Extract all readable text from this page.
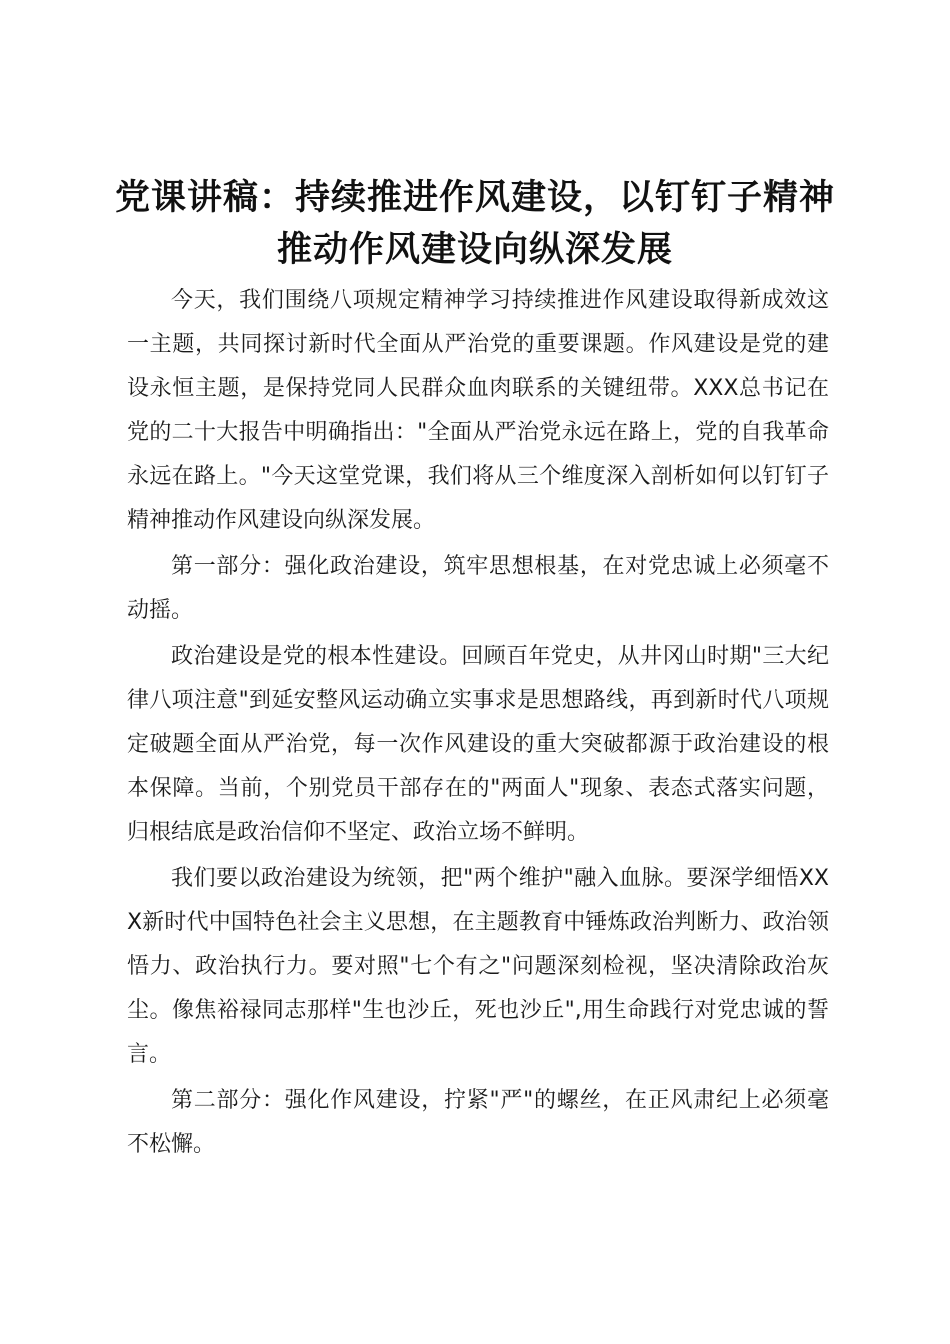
党课讲稿：持续推进作风建设，以钉钉子精神推动作风建设向纵深发展

今天，我们围绕八项规定精神学习持续推进作风建设取得新成效这一主题，共同探讨新时代全面从严治党的重要课题。作风建设是党的建设永恒主题，是保持党同人民群众血肉联系的关键纽带。XXX总书记在党的二十大报告中明确指出："全面从严治党永远在路上，党的自我革命永远在路上。"今天这堂党课，我们将从三个维度深入剖析如何以钉钉子精神推动作风建设向纵深发展。

第一部分：强化政治建设，筑牢思想根基，在对党忠诚上必须毫不动摇。

政治建设是党的根本性建设。回顾百年党史，从井冈山时期"三大纪律八项注意"到延安整风运动确立实事求是思想路线，再到新时代八项规定破题全面从严治党，每一次作风建设的重大突破都源于政治建设的根本保障。当前，个别党员干部存在的"两面人"现象、表态式落实问题，归根结底是政治信仰不坚定、政治立场不鲜明。

我们要以政治建设为统领，把"两个维护"融入血脉。要深学细悟XXX新时代中国特色社会主义思想，在主题教育中锤炼政治判断力、政治领悟力、政治执行力。要对照"七个有之"问题深刻检视，坚决清除政治灰尘。像焦裕禄同志那样"生也沙丘，死也沙丘",用生命践行对党忠诚的誓言。

第二部分：强化作风建设，拧紧"严"的螺丝，在正风肃纪上必须毫不松懈。
